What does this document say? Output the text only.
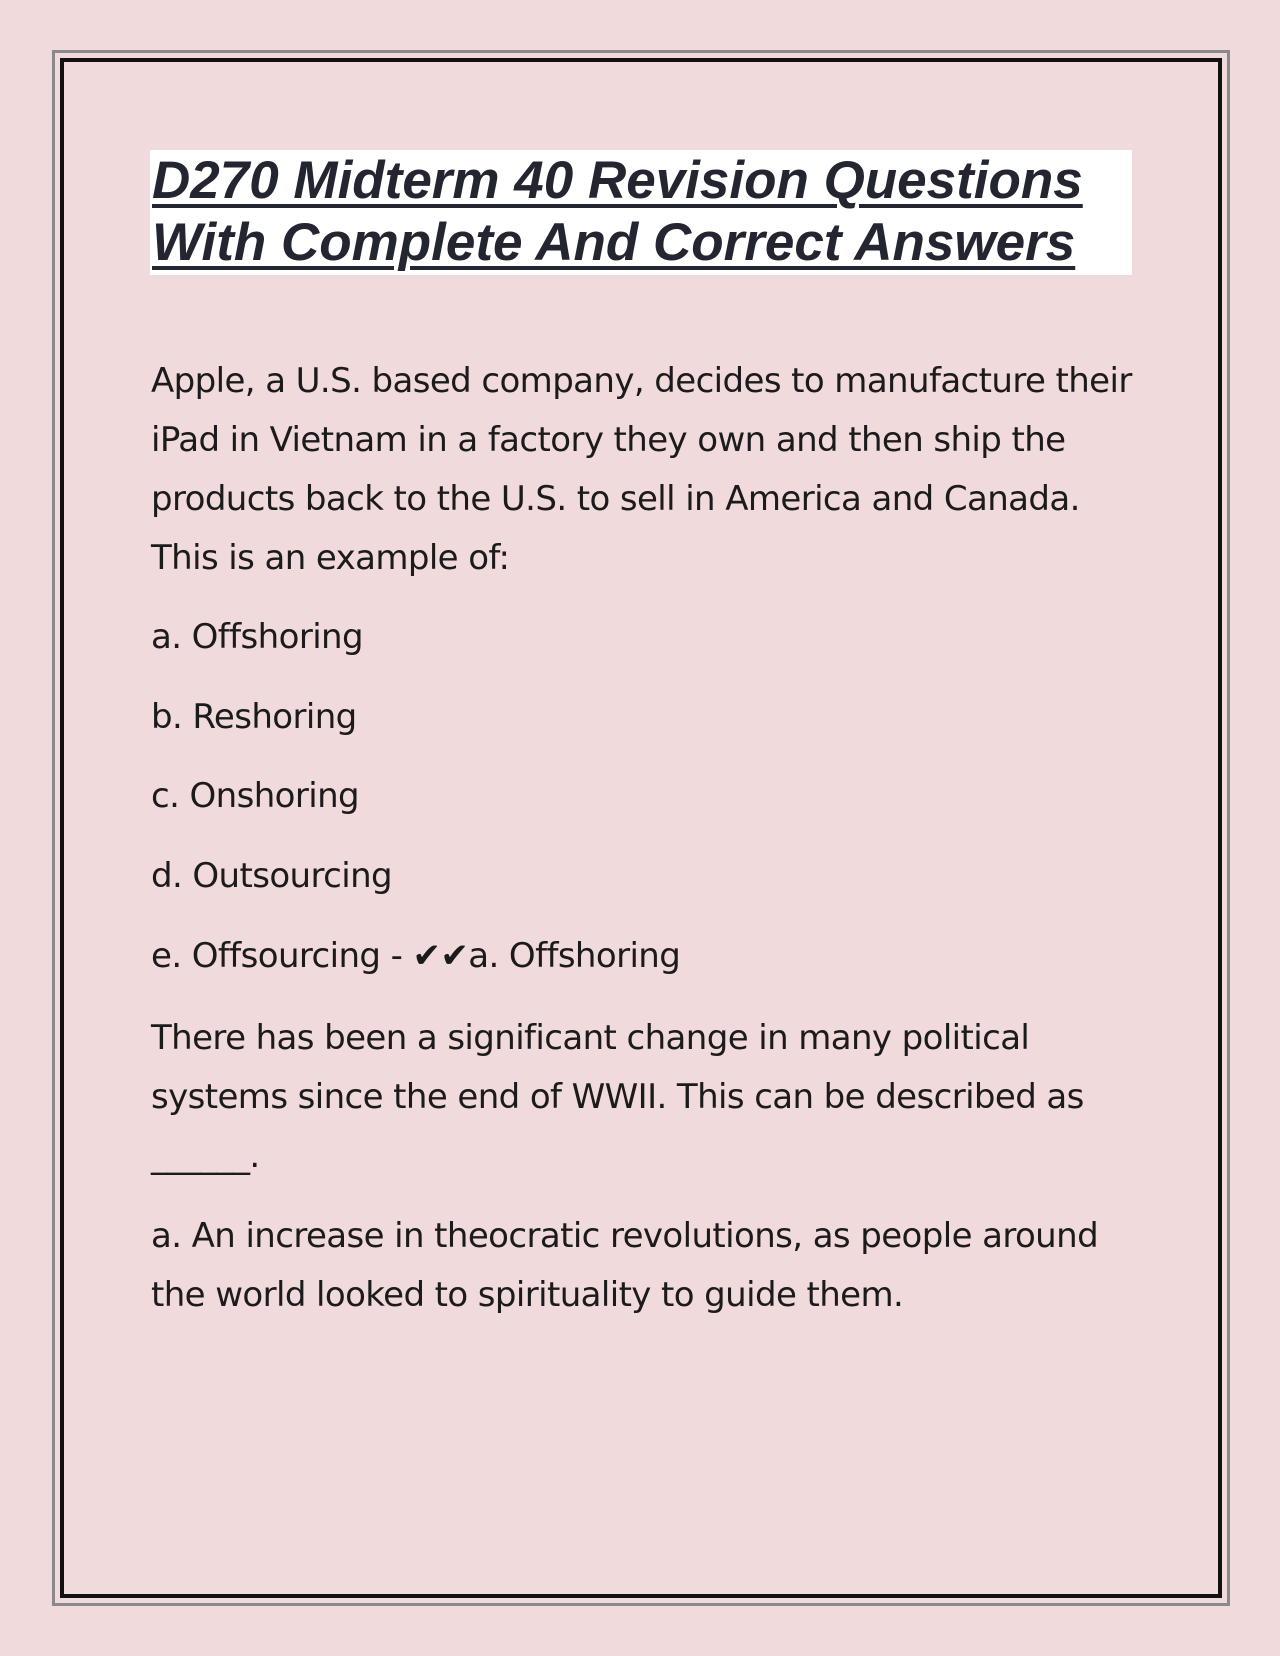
D270 Midterm 40 Revision Questions
With Complete And Correct Answers

Apple, a U.S. based company, decides to manufacture their iPad in Vietnam in a factory they own and then ship the products back to the U.S. to sell in America and Canada. This is an example of:

a. Offshoring

b. Reshoring

c. Onshoring

d. Outsourcing

e. Offsourcing - ✔✔a. Offshoring

There has been a significant change in many political systems since the end of WWII. This can be described as ______.

a. An increase in theocratic revolutions, as people around the world looked to spirituality to guide them.
